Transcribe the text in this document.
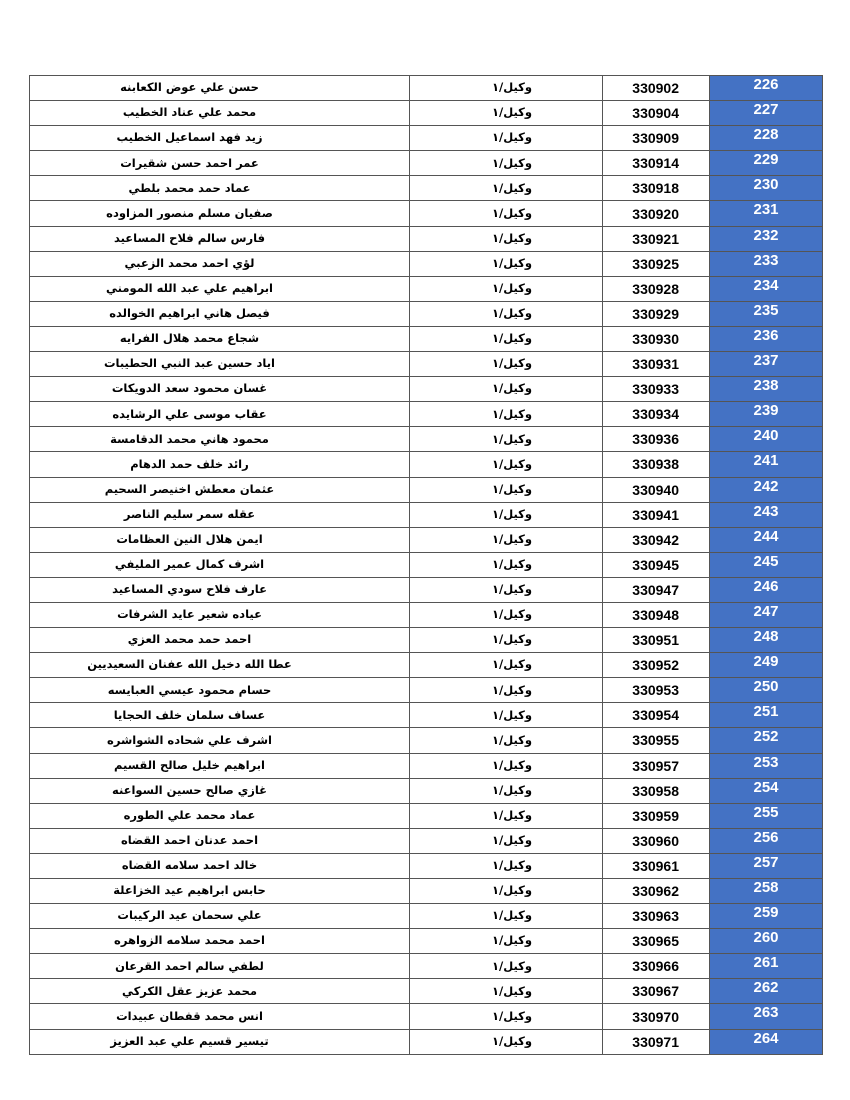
حسن علي عوض الكعابنه	وكيل/١	330902	226
محمد علي عناد الخطيب	وكيل/١	330904	227
زيد فهد اسماعيل الخطيب	وكيل/١	330909	228
عمر احمد حسن شقيرات	وكيل/١	330914	229
عماد حمد محمد بلطي	وكيل/١	330918	230
صفيان مسلم منصور المزاوده	وكيل/١	330920	231
فارس سالم فلاح المساعيد	وكيل/١	330921	232
لؤي احمد محمد الزعبي	وكيل/١	330925	233
ابراهيم علي عبد الله المومني	وكيل/١	330928	234
فيصل هاني ابراهيم الخوالده	وكيل/١	330929	235
شجاع محمد هلال الفرايه	وكيل/١	330930	236
اياد حسين عبد النبي الحطيبات	وكيل/١	330931	237
غسان محمود سعد الدويكات	وكيل/١	330933	238
عقاب موسى علي الرشايده	وكيل/١	330934	239
محمود هاني محمد الدقامسة	وكيل/١	330936	240
رائد خلف حمد الدهام	وكيل/١	330938	241
عثمان معطش اخنيصر السحيم	وكيل/١	330940	242
عقله سمر سليم الناصر	وكيل/١	330941	243
ايمن هلال النين العظامات	وكيل/١	330942	244
اشرف كمال عمير المليفي	وكيل/١	330945	245
عارف فلاح سودي المساعيد	وكيل/١	330947	246
عياده شعير عايد الشرفات	وكيل/١	330948	247
احمد حمد محمد العزي	وكيل/١	330951	248
عطا الله دخيل الله عفنان السعيديين	وكيل/١	330952	249
حسام محمود عيسي العبايسه	وكيل/١	330953	250
عساف سلمان خلف الحجايا	وكيل/١	330954	251
اشرف علي شحاده الشواشره	وكيل/١	330955	252
ابراهيم خليل صالح القسيم	وكيل/١	330957	253
غازي صالح حسين السواعنه	وكيل/١	330958	254
عماد محمد علي الطوره	وكيل/١	330959	255
احمد عدنان احمد القضاه	وكيل/١	330960	256
خالد احمد سلامه القضاه	وكيل/١	330961	257
حابس ابراهيم عيد الخزاعلة	وكيل/١	330962	258
علي سحمان عيد الركيبات	وكيل/١	330963	259
احمد محمد سلامه الزواهره	وكيل/١	330965	260
لطفي سالم احمد القرعان	وكيل/١	330966	261
محمد عزيز عقل الكركي	وكيل/١	330967	262
انس محمد قفطان عبيدات	وكيل/١	330970	263
تيسير قسيم علي عبد العزيز	وكيل/١	330971	264
